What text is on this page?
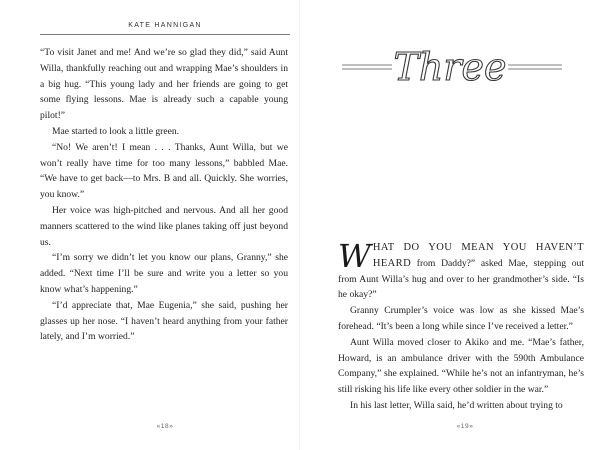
KATE HANNIGAN

“To visit Janet and me! And we’re so glad they did,” said Aunt Willa, thankfully reaching out and wrapping Mae’s shoulders in a big hug. “This young lady and her friends are going to get some flying lessons. Mae is already such a capable young pilot!”

Mae started to look a little green.

“No! We aren’t! I mean . . . Thanks, Aunt Willa, but we won’t really have time for too many lessons,” babbled Mae. “We have to get back—to Mrs. B and all. Quickly. She worries, you know.”

Her voice was high-pitched and nervous. And all her good manners scattered to the wind like planes taking off just beyond us.

“I’m sorry we didn’t let you know our plans, Granny,” she added. “Next time I’ll be sure and write you a letter so you know what’s happening.”

“I’d appreciate that, Mae Eugenia,” she said, pushing her glasses up her nose. “I haven’t heard anything from your father lately, and I’m worried.”

«18»
Three

WHAT DO YOU MEAN YOU HAVEN’T HEARD from Daddy?” asked Mae, stepping out from Aunt Willa’s hug and over to her grandmother’s side. “Is he okay?”

Granny Crumpler’s voice was low as she kissed Mae’s forehead. “It’s been a long while since I’ve received a letter.”

Aunt Willa moved closer to Akiko and me. “Mae’s father, Howard, is an ambulance driver with the 590th Ambulance Company,” she explained. “While he’s not an infantryman, he’s still risking his life like every other soldier in the war.”

In his last letter, Willa said, he’d written about trying to

«19»
